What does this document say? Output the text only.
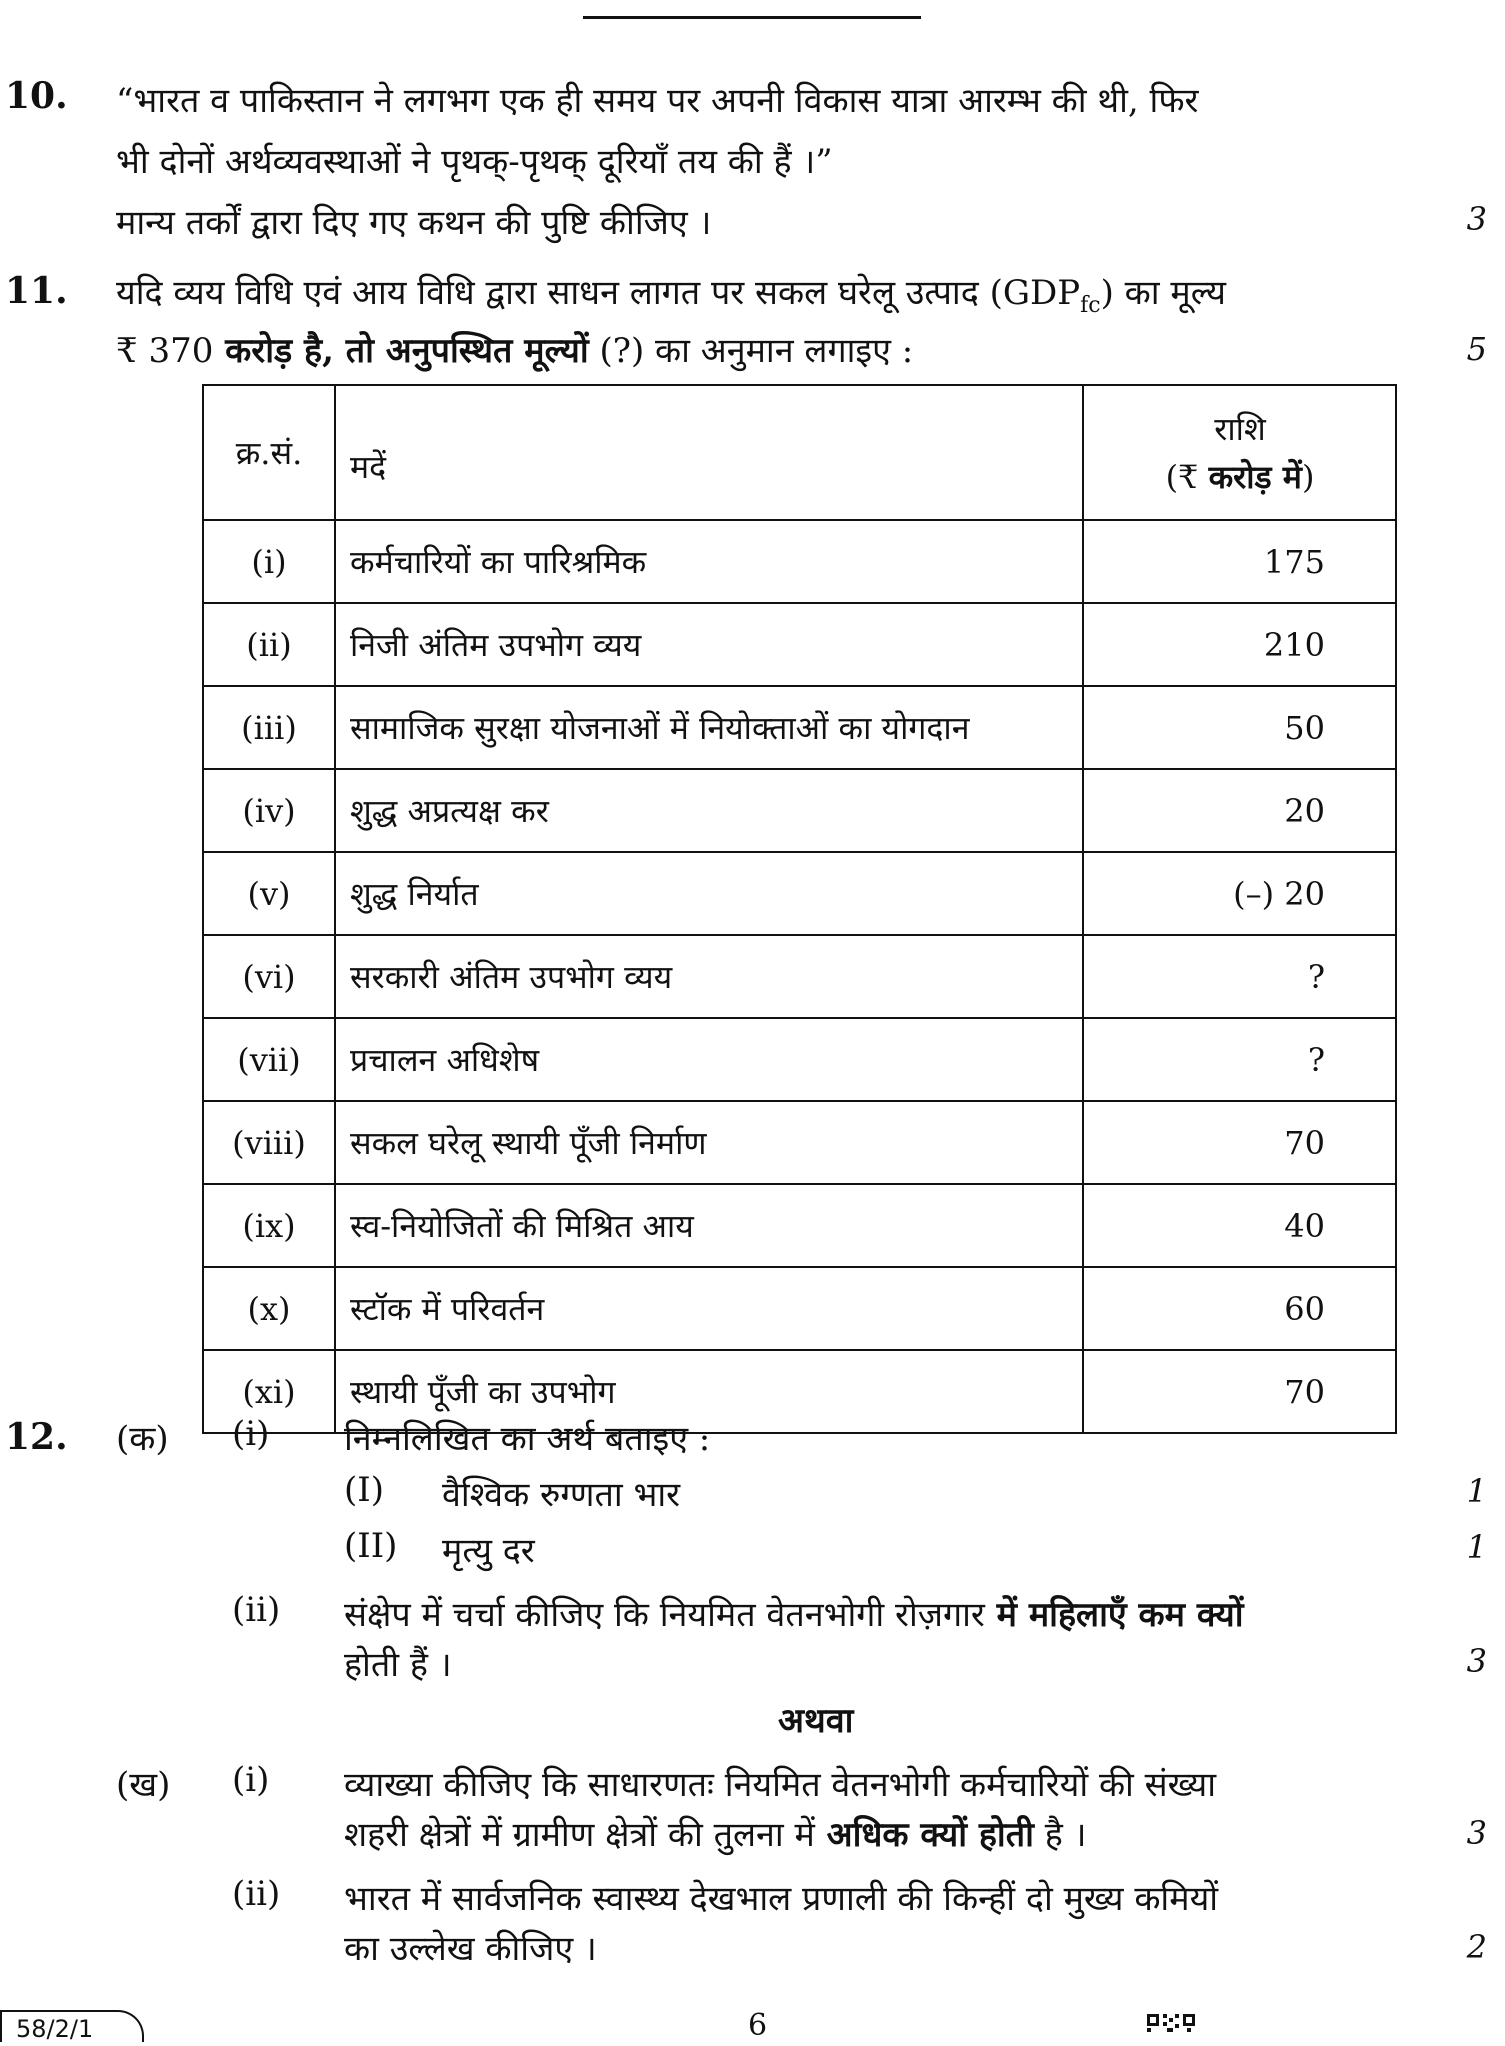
10. “भारत व पाकिस्तान ने लगभग एक ही समय पर अपनी विकास यात्रा आरम्भ की थी, फिर
भी दोनों अर्थव्यवस्थाओं ने पृथक्‌-पृथक्‌ दूरियाँ तय की हैं ।”
मान्य तर्कों द्वारा दिए गए कथन की पुष्टि कीजिए ।	3
11. यदि व्यय विधि एवं आय विधि द्वारा साधन लागत पर सकल घरेलू उत्पाद $(GDP_{fc})$ का मूल्य
₹ 370 करोड़ है, तो अनुपस्थित मूल्यों (?) का अनुमान लगाइए :	5
क्र.सं.	मदें	राशि
(₹ करोड़ में)

(i)	कर्मचारियों का पारिश्रमिक	175
(ii)	निजी अंतिम उपभोग व्यय	210
(iii)	सामाजिक सुरक्षा योजनाओं में नियोक्ताओं का योगदान	50
(iv)	शुद्ध अप्रत्यक्ष कर	20
(v)	शुद्ध निर्यात	(–) 20
(vi)	सरकारी अंतिम उपभोग व्यय	?
(vii)	प्रचालन अधिशेष	?
(viii)	सकल घरेलू स्थायी पूँजी निर्माण	70
(ix)	स्व-नियोजितों की मिश्रित आय	40
(x)	स्टॉक में परिवर्तन	60
(xi)	स्थायी पूँजी का उपभोग	70
12. (क) (i) निम्नलिखित का अर्थ बताइए :
(I) वैश्विक रुग्णता भार	1
(II) मृत्यु दर	1
(ii) संक्षेप में चर्चा कीजिए कि नियमित वेतनभोगी रोज़गार में महिलाएँ कम क्यों
होती हैं ।	3
अथवा
(ख) (i) व्याख्या कीजिए कि साधारणतः नियमित वेतनभोगी कर्मचारियों की संख्या
शहरी क्षेत्रों में ग्रामीण क्षेत्रों की तुलना में अधिक क्यों होती है ।	3
(ii) भारत में सार्वजनिक स्वास्थ्य देखभाल प्रणाली की किन्हीं दो मुख्य कमियों
का उल्लेख कीजिए ।	2
58/2/1	6
